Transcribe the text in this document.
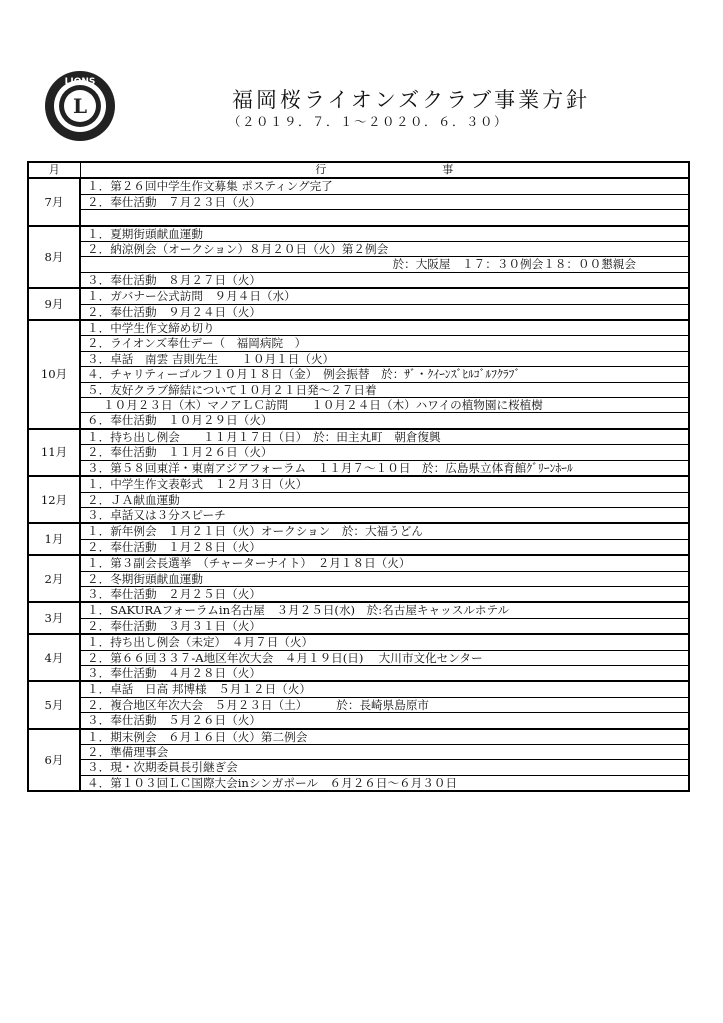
LIONS
L	福岡桜ライオンズクラブ事業方針
（２０１９．７．１～２０２０．６．３０）
月	行 事
7月	１．第２６回中学生作文募集 ポスティング完了

	２．奉仕活動　７月２３日（火）

8月	１．夏期街頭献血運動

	２．納涼例会（オークション）８月２０日（火）第２例会

	於：大阪屋　１７：３０例会１８：００懇親会

	３．奉仕活動　８月２７日（火）

9月	１．ガバナー公式訪問　９月４日（水）

	２．奉仕活動　９月２４日（火）

10月	１．中学生作文締め切り

	２．ライオンズ奉仕デー（　福岡病院　）

	３．卓話　南雲 吉則先生　　１０月１日（火）

	４．チャリティーゴルフ１０月１８日（金）　例会振替　於：ｻﾞ・ｸｲｰﾝｽﾞﾋﾙｺﾞﾙﾌｸﾗﾌﾞ

	５．友好クラブ締結について１０月２１日発～２７日着

	１０月２３日（木）マノアＬＣ訪問　　１０月２４日（木）ハワイの植物園に桜植樹

	６．奉仕活動　１０月２９日（火）

11月	１．持ち出し例会　　１１月１７日（日）　於：田主丸町　朝倉復興

	２．奉仕活動　１１月２６日（火）

	３．第５８回東洋・東南アジアフォーラム　１１月７～１０日　於：広島県立体育館ｸﾞﾘｰﾝﾎｰﾙ

12月	１．中学生作文表彰式　１２月３日（火）

	２．ＪＡ献血運動

	３．卓話又は３分スピーチ

1月	１．新年例会　１月２１日（火）オークション　於：大福うどん

	２．奉仕活動　１月２８日（火）

2月	１．第３副会長選挙　（チャーターナイト）　２月１８日（火）

	２．冬期街頭献血運動

	３．奉仕活動　２月２５日（火）

3月	１．SAKURAフォーラムin名古屋　３月２５日(水)　於:名古屋キャッスルホテル

	２．奉仕活動　３月３１日（火）

4月	１．持ち出し例会（未定）　４月７日（火）

	２．第６６回３３７-A地区年次大会　４月１９日(日)　 大川市文化センター

	３．奉仕活動　４月２８日（火）

5月	１．卓話　日高 邦博様　５月１２日（火）

	２．複合地区年次大会　５月２３日（土）　　　於：長崎県島原市

	３．奉仕活動　５月２６日（火）

6月	１．期末例会　６月１６日（火）第二例会

	２．準備理事会

	３．現・次期委員長引継ぎ会

	４．第１０３回ＬＣ国際大会inシンガポール　６月２６日～６月３０日
